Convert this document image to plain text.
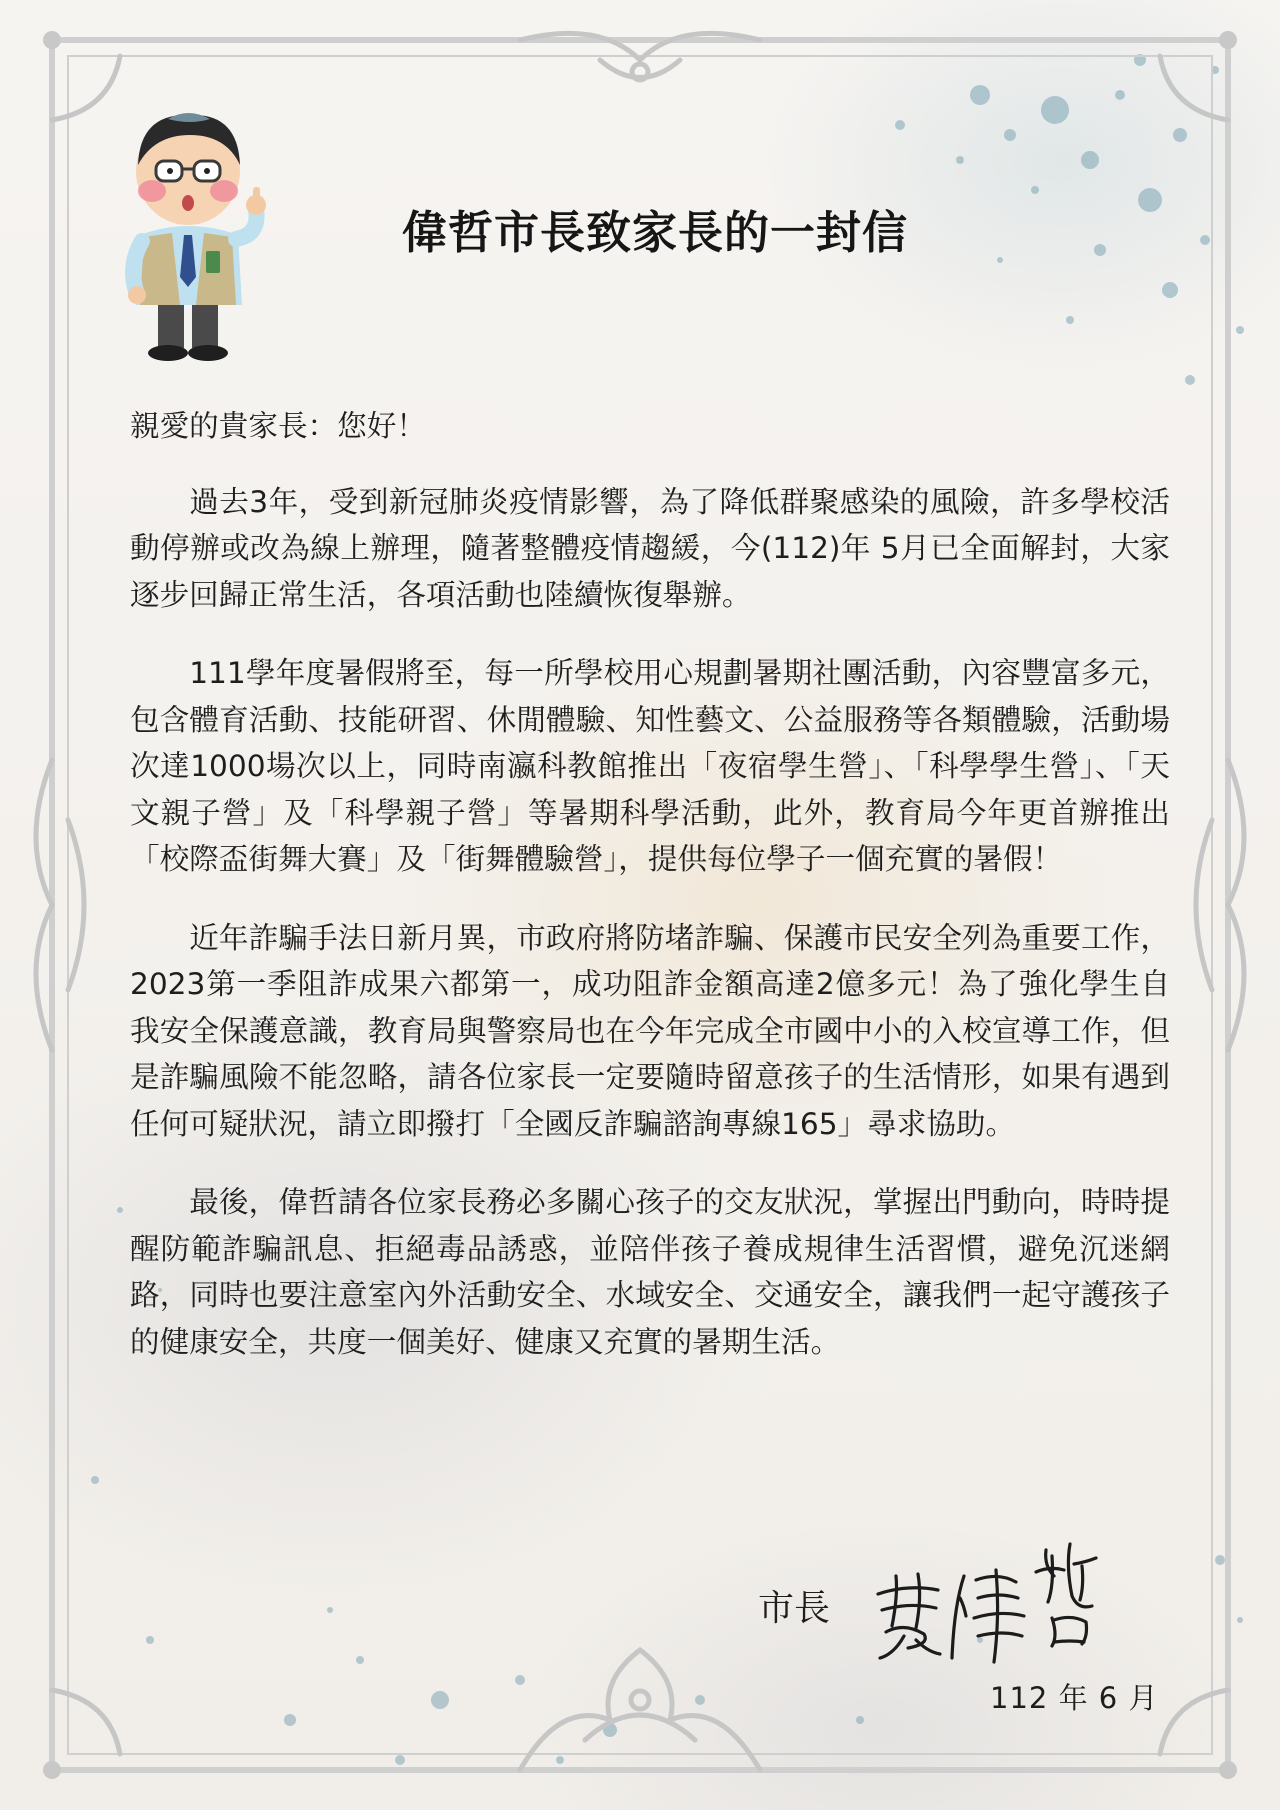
偉哲市長致家長的一封信

親愛的貴家長：您好！

過去3年，受到新冠肺炎疫情影響，為了降低群聚感染的風險，許多學校活動停辦或改為線上辦理，隨著整體疫情趨緩，今(112)年 5月已全面解封，大家逐步回歸正常生活，各項活動也陸續恢復舉辦。

111學年度暑假將至，每一所學校用心規劃暑期社團活動，內容豐富多元，包含體育活動、技能研習、休閒體驗、知性藝文、公益服務等各類體驗，活動場次達1000場次以上，同時南瀛科教館推出「夜宿學生營」、「科學學生營」、「天文親子營」及「科學親子營」等暑期科學活動，此外，教育局今年更首辦推出「校際盃街舞大賽」及「街舞體驗營」，提供每位學子一個充實的暑假！

近年詐騙手法日新月異，市政府將防堵詐騙、保護市民安全列為重要工作，2023第一季阻詐成果六都第一，成功阻詐金額高達2億多元！為了強化學生自我安全保護意識，教育局與警察局也在今年完成全市國中小的入校宣導工作，但是詐騙風險不能忽略，請各位家長一定要隨時留意孩子的生活情形，如果有遇到任何可疑狀況，請立即撥打「全國反詐騙諮詢專線165」尋求協助。

最後，偉哲請各位家長務必多關心孩子的交友狀況，掌握出門動向，時時提醒防範詐騙訊息、拒絕毒品誘惑，並陪伴孩子養成規律生活習慣，避免沉迷網路，同時也要注意室內外活動安全、水域安全、交通安全，讓我們一起守護孩子的健康安全，共度一個美好、健康又充實的暑期生活。

市長
112 年 6 月
